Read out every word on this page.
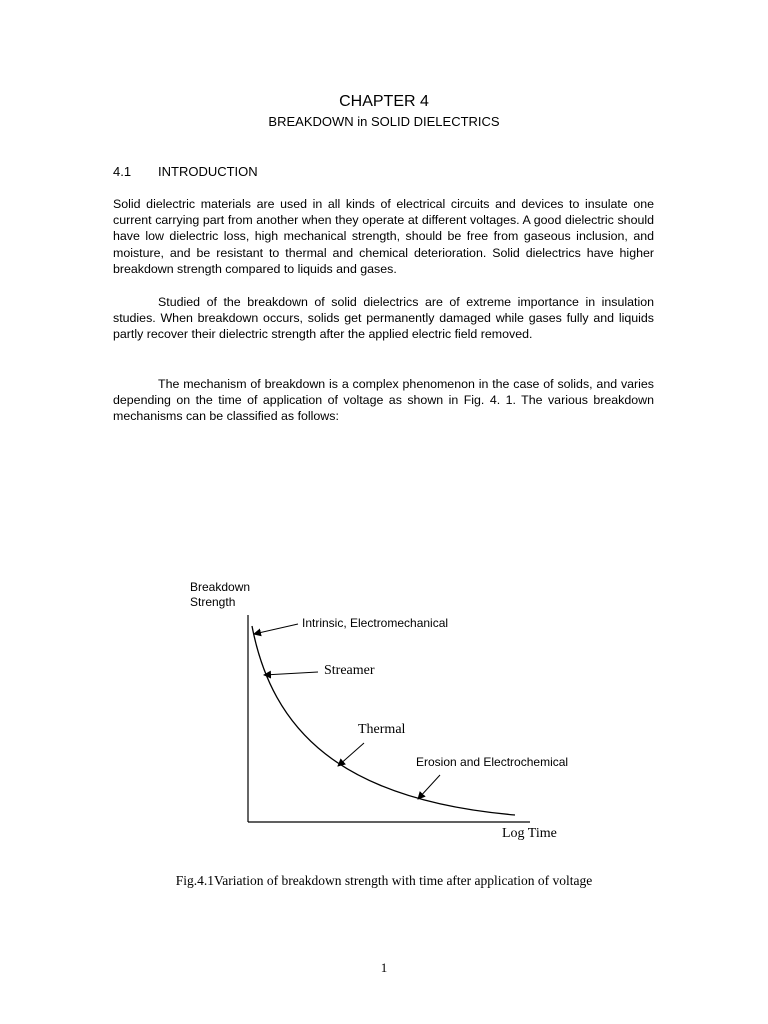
CHAPTER 4
BREAKDOWN in SOLID DIELECTRICS
4.1 INTRODUCTION

Solid dielectric materials are used in all kinds of electrical circuits and devices to insulate one current carrying part from another when they operate at different voltages. A good dielectric should have low dielectric loss, high mechanical strength, should be free from gaseous inclusion, and moisture, and be resistant to thermal and chemical deterioration. Solid dielectrics have higher breakdown strength compared to liquids and gases.

Studied of the breakdown of solid dielectrics are of extreme importance in insulation studies. When breakdown occurs, solids get permanently damaged while gases fully and liquids partly recover their dielectric strength after the applied electric field removed.

The mechanism of breakdown is a complex phenomenon in the case of solids, and varies depending on the time of application of voltage as shown in Fig. 4. 1. The various breakdown mechanisms can be classified as follows:

Breakdown
Strength
Intrinsic, Electromechanical
Streamer
Thermal
Erosion and Electrochemical
Log Time
Fig.4.1Variation of breakdown strength with time after application of voltage
1
